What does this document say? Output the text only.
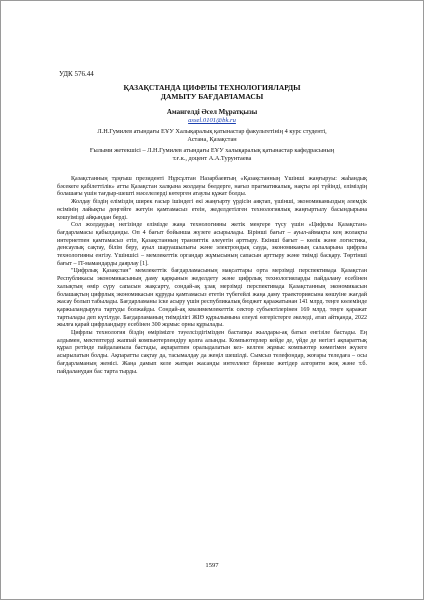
УДК 576.44
ҚАЗАҚСТАНДА ЦИФРЛЫ ТЕХНОЛОГИЯЛАРДЫ
ДАМЫТУ БАҒДАРЛАМАСЫ
Амангелді Әсел Мұратқызы
assel.0101@bk.ru
Л.Н.Гумилев атындағы ЕҰУ Халықаралық қатынастар факультетінің 4 курс студенті,
Астана, Қазақстан
Ғылыми жетекшісі – Л.Н.Гумилев атындағы ЕҰУ халықаралық қатынастар кафедрасының
т.ғ.к., доцент А.А.Турунтаева

Қазақстанның тұңғыш президенті Нұрсұлтан Назарбаевтың «Қазақстанның Үшінші жаңғыруы: жаһандық бәсекеге қабілеттілік» атты Қазақстан халқына жолдауы бөлдерге, нағыз прагматикалық, нақты әрі түйінді, еліміздің болашағы үшін тағдыр-шешті мәселелерді көтерген атаулы құжат болды.

Жолдау біздің еліміздің ширек ғасыр ішіндегі екі жаңғырту үрдісін аяқтап, үшінші, экономикамыздың әлемдік өсімінің лайықты деңгейге жетуін қамтамасыз етеін, жеделдетілген технологиялық жаңғыртылу басындырына кошуімізді айқындан берді.

Сол жолдаудың негізінде елімізде жаңа технологияны жетік меңгере түсу үшін «Цифрлы Қазақстан» бағдарламасы қабылданды. Оп 4 бағыт бойынша жүзеге асырылады. Біріншi бағыт – ауыл-аймақты кең жолақты интернетпен қамтамасыз етiп, Қазақстанның транзиттік әлеуетін арттыру. Екінші бағыт – көлік және логистика, денсаулық сақтау, білім беру, ауыл шаруашылығы және электрондық сауда, экономиканың салаларына цифрлы технологияны енгізу. Үшіншісі – мемлекеттік органдар жұмысының сапасын арттыру және тиімді басқару. Төртінші бағыт – IT-мамандарды даярлау [1].

"Цифрлық Қазақстан" мемлекеттік бағдарламасының мақсаттары орта мерзімді перспективада Қазақстан Республикасы экономикасының даму қарқынын жеделдету және цифрлық технологияларды пайдалану есебінен халықтың өмір сүру сапасын жақсарту, сондай-ақ ұзақ мерзімді перспективада Қазақстанның экономикасын болашақтың цифрлық экономикасын құруды қамтамасыз ететін түбегейлі жаңа даму траекториясына көшуіне жағдай жасау болып табылады. Бағдарламаны іске асыру үшін республикалық бюджет қаражатынан 141 млрд. теңге көлемінде қаржыландыруға тартуды болжайды. Сондай-ақ квазимемлекеттік сектор субъектілерінен 169 млрд. теңге қаражат тартылады деп күтілуде. Бағдарламаның тиімділігі ЖІӨ құрылымына елеулі өзгерістерге әкеледі, атап айтқанда, 2022 жылға қарай цифрландыру есебінен 300 жұмыс орны құрылады.

Цифрлы технология біздің өміріміzге тәуелсіздігімізден бастапқы жылдары-ақ батыл енгізіле бастады. Ең алдымен, мектептерді жаппай компьютерлендіру қолға алынды. Компьютерлер кейде де, үйде де негізгі ақпараттық құрал ретінде пайдаланыла бастады, ақпаратпен оралыдалатын кез- келген жұмыс компьютер көмегімен жүзеге асырылатын болды. Ақпаратты сақтау да, тасымалдау да жеңіл шешілді. Сымсыз телефондар, жоғары теледаға – осы бағдарламаның жемісі. Жаңа дамып келе жатқан жасанды интеллект бірнеше жетідер алгоритм жоқ және т.б. пайдаланудан бас тарта тырды.

1597
